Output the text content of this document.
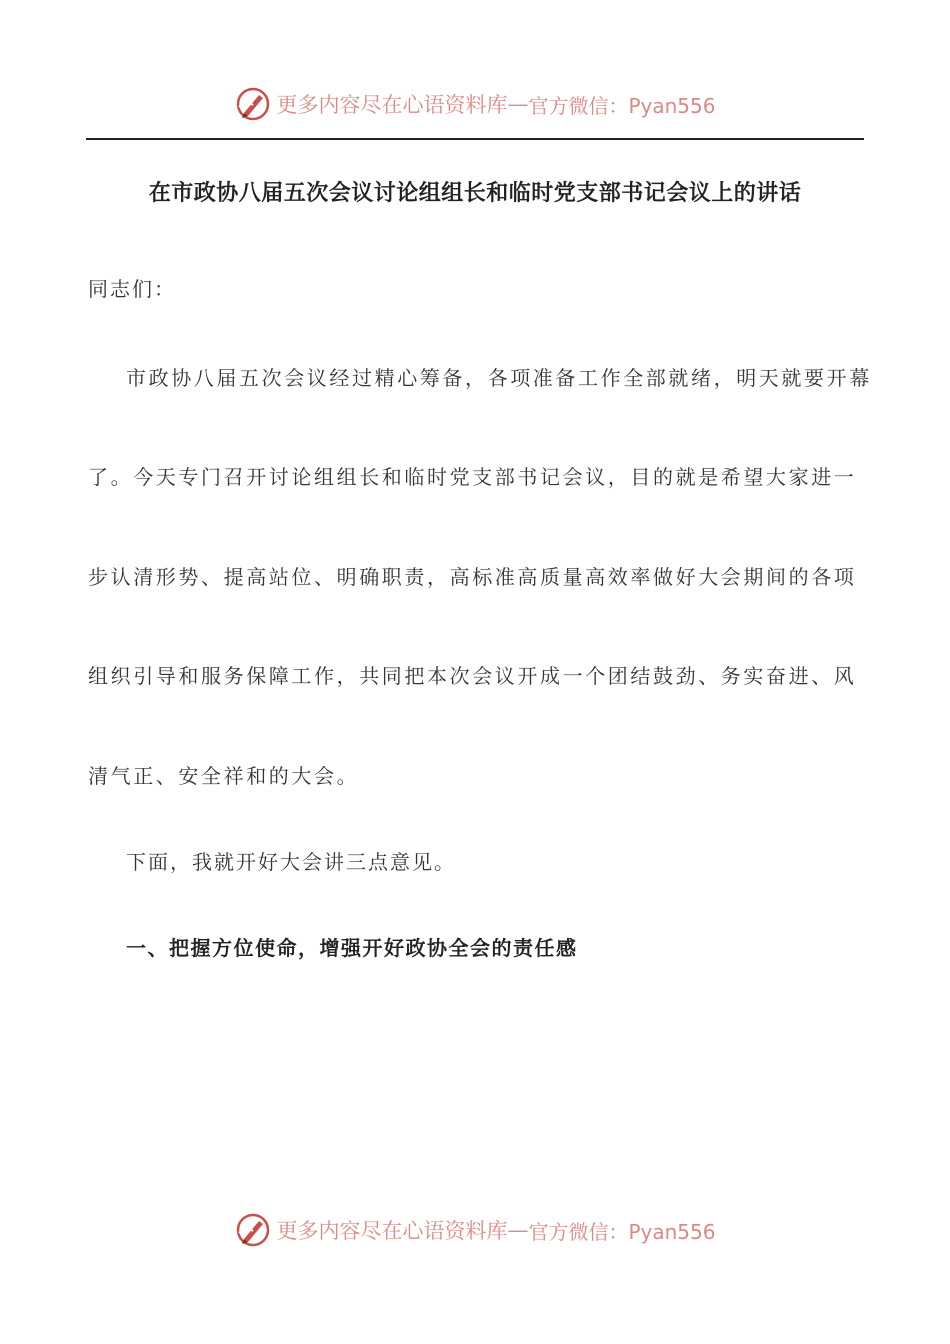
更多内容尽在心语资料库 — 官方微信：Pyan556
在市政协八届五次会议讨论组组长和临时党支部书记会议上的讲话
同志们：
市政协八届五次会议经过精心筹备，各项准备工作全部就绪，明天就要开幕
了。今天专门召开讨论组组长和临时党支部书记会议，目的就是希望大家进一
步认清形势、提高站位、明确职责，高标准高质量高效率做好大会期间的各项
组织引导和服务保障工作，共同把本次会议开成一个团结鼓劲、务实奋进、风
清气正、安全祥和的大会。
下面，我就开好大会讲三点意见。
一、把握方位使命，增强开好政协全会的责任感
更多内容尽在心语资料库 — 官方微信：Pyan556
